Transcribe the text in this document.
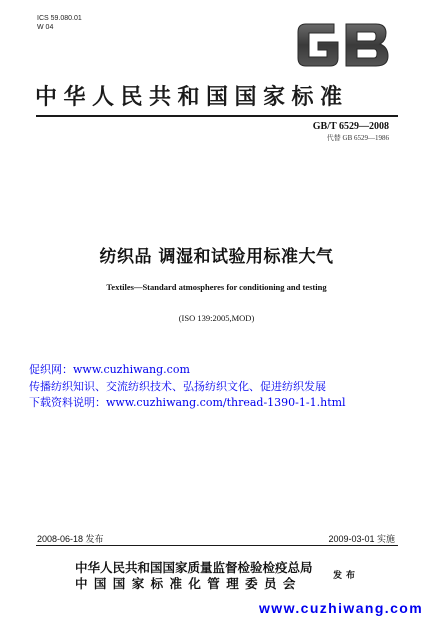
ICS 59.080.01
W 04
中华人民共和国国家标准
GB/T 6529—2008
代替 GB 6529—1986
纺织品 调湿和试验用标准大气
Textiles—Standard atmospheres for conditioning and testing
(ISO 139:2005,MOD)
促织网：www.cuzhiwang.com
传播纺织知识、交流纺织技术、弘扬纺织文化、促进纺织发展
下载资料说明：www.cuzhiwang.com/thread-1390-1-1.html
2008-06-18 发布	2009-03-01 实施
中华人民共和国国家质量监督检验检疫总局
中国国家标准化管理委员会	发布
www.cuzhiwang.com
